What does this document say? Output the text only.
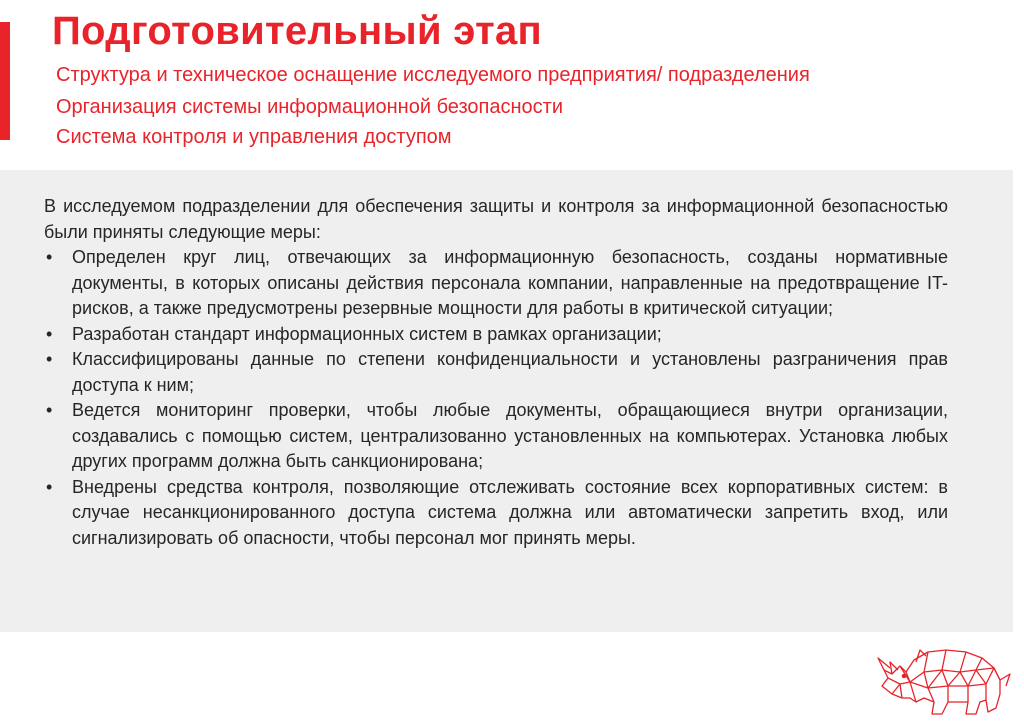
Подготовительный этап
Структура и техническое оснащение исследуемого предприятия/ подразделения
Организация системы информационной безопасности
Система контроля и управления доступом

В исследуемом подразделении для обеспечения защиты и контроля за информационной безопасностью были приняты следующие меры:

• Определен круг лиц, отвечающих за информационную безопасность, созданы нормативные документы, в которых описаны действия персонала компании, направленные на предотвращение IT-рисков, а также предусмотрены резервные мощности для работы в критической ситуации;
• Разработан стандарт информационных систем в рамках организации;
• Классифицированы данные по степени конфиденциальности и установлены разграничения прав доступа к ним;
• Ведется мониторинг проверки, чтобы любые документы, обращающиеся внутри организации, создавались с помощью систем, централизованно установленных на компьютерах. Установка любых других программ должна быть санкционирована;
• Внедрены средства контроля, позволяющие отслеживать состояние всех корпоративных систем: в случае несанкционированного доступа система должна или автоматически запретить вход, или сигнализировать об опасности, чтобы персонал мог принять меры.
